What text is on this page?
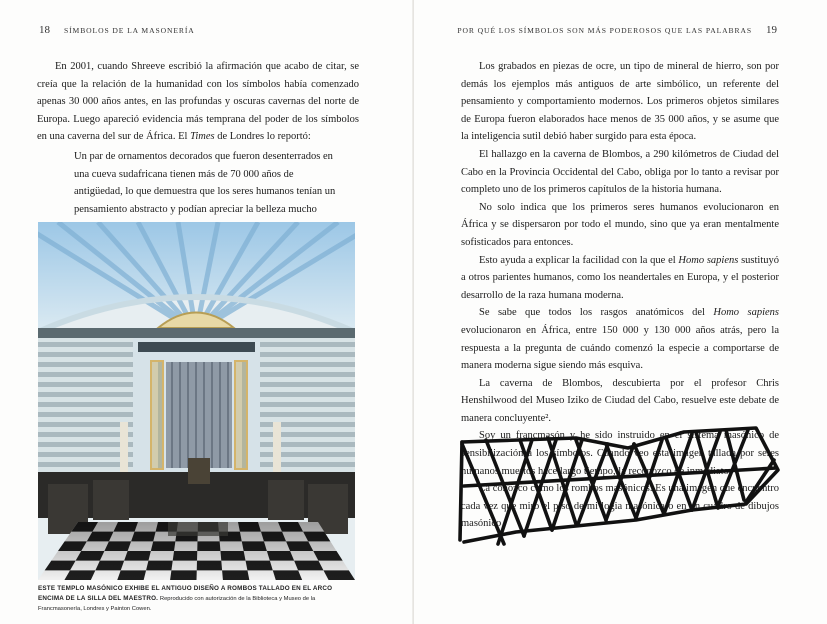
18 SÍMBOLOS DE LA MASONERÍA	POR QUÉ LOS SÍMBOLOS SON MÁS PODEROSOS QUE LAS PALABRAS 19

En 2001, cuando Shreeve escribió la afirmación que acabo de citar, se creía que la relación de la humanidad con los símbolos había comenzado apenas 30 000 años antes, en las profundas y oscuras cavernas del norte de Europa. Luego apareció evidencia más temprana del poder de los símbolos en una caverna del sur de África. El Times de Londres lo reportó:

Un par de ornamentos decorados que fueron desenterrados en una cueva sudafricana tienen más de 70 000 años de antigüedad, lo que demuestra que los seres humanos tenían un pensamiento abstracto y podían apreciar la belleza mucho
ESTE TEMPLO MASÓNICO EXHIBE EL ANTIGUO DISEÑO A ROMBOS TALLADO EN EL ARCO ENCIMA DE LA SILLA DEL MAESTRO. Reproducido con autorización de la Biblioteca y Museo de la Francmasonería, Londres y Painton Cowen.

Los grabados en piezas de ocre, un tipo de mineral de hierro, son por demás los ejemplos más antiguos de arte simbólico, un referente del pensamiento y comportamiento modernos. Los primeros objetos similares de Europa fueron elaborados hace menos de 35 000 años, y se asume que la inteligencia sutil debió haber surgido para esta época.

El hallazgo en la caverna de Blombos, a 290 kilómetros de Ciudad del Cabo en la Provincia Occidental del Cabo, obliga por lo tanto a revisar por completo uno de los primeros capítulos de la historia humana.

No solo indica que los primeros seres humanos evolucionaron en África y se dispersaron por todo el mundo, sino que ya eran mentalmente sofisticados para entonces.

Esto ayuda a explicar la facilidad con la que el Homo sapiens sustituyó a otros parientes humanos, como los neandertales en Europa, y el posterior desarrollo de la raza humana moderna.

Se sabe que todos los rasgos anatómicos del Homo sapiens evolucionaron en África, entre 150 000 y 130 000 años atrás, pero la respuesta a la pregunta de cuándo comenzó la especie a comportarse de manera moderna sigue siendo más esquiva.

La caverna de Blombos, descubierta por el profesor Chris Henshilwood del Museo Iziko de Ciudad del Cabo, resuelve este debate de manera concluyente².

Soy un francmasón y he sido instruido en el sistema masónico de sensibilización a los símbolos. Cuando veo esta imagen tallada por seres humanos muertos hace largo tiempo, la reconozco de inmediato.

La conozco como los rombos masónicos. Es una imagen que encuentro cada vez que miro el piso de mi logia masónica o en un cuadro de dibujos masónico
